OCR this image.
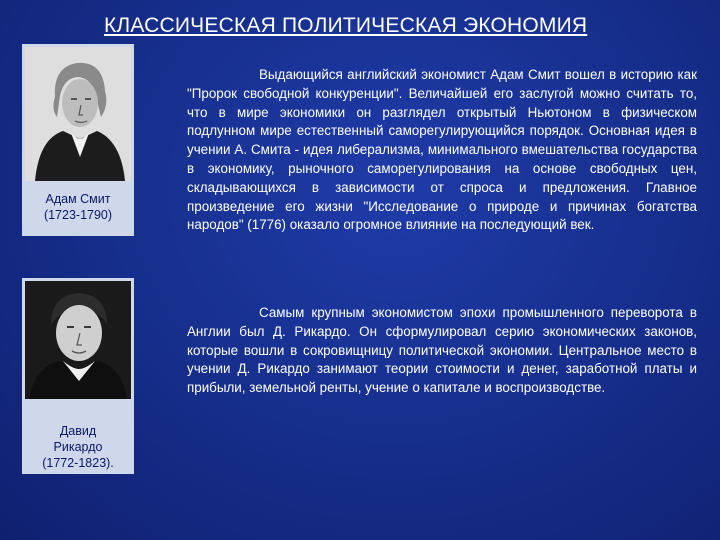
КЛАССИЧЕСКАЯ ПОЛИТИЧЕСКАЯ ЭКОНОМИЯ
Адам Смит
(1723-1790)
Давид
Рикардо
(1772-1823).
Выдающийся английский экономист Адам Смит вошел в историю как "Пророк свободной конкуренции". Величайшей его заслугой можно считать то, что в мире экономики он разглядел открытый Ньютоном в физическом подлунном мире естественный саморегулирующийся порядок. Основная идея в учении А. Смита - идея либерализма, минимального вмешательства государства в экономику, рыночного саморегулирования на основе свободных цен, складывающихся в зависимости от спроса и предложения. Главное произведение его жизни "Исследование о природе и причинах богатства народов" (1776) оказало огромное влияние на последующий век.
Самым крупным экономистом эпохи промышленного переворота в Англии был Д. Рикардо. Он сформулировал серию экономических законов, которые вошли в сокровищницу политической экономии. Центральное место в учении Д. Рикардо занимают теории стоимости и денег, заработной платы и прибыли, земельной ренты, учение о капитале и воспроизводстве.
